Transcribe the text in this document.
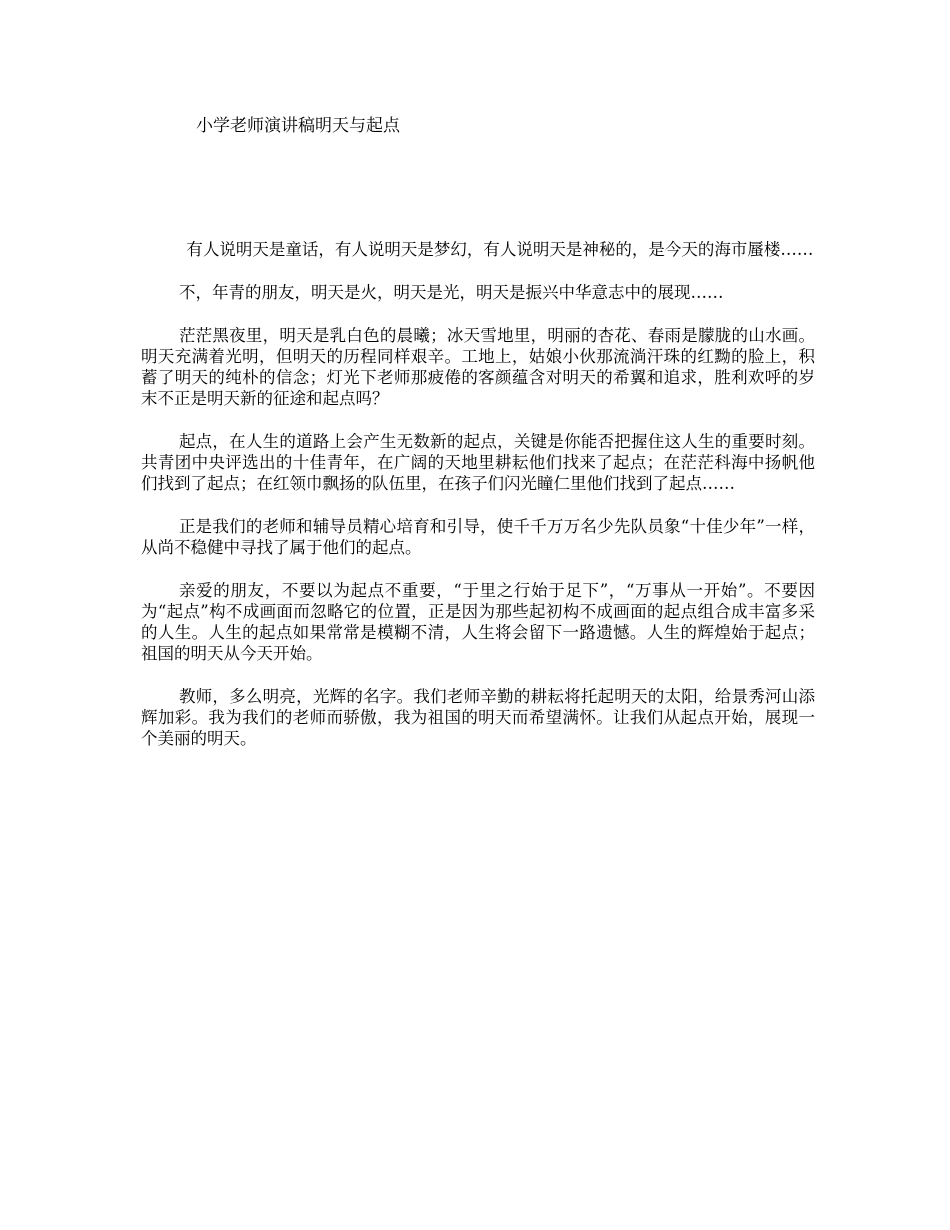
小学老师演讲稿明天与起点

有人说明天是童话，有人说明天是梦幻，有人说明天是神秘的，是今天的海市蜃楼……

不，年青的朋友，明天是火，明天是光，明天是振兴中华意志中的展现……

茫茫黑夜里，明天是乳白色的晨曦；冰天雪地里，明丽的杏花、春雨是朦胧的山水画。明天充满着光明，但明天的历程同样艰辛。工地上，姑娘小伙那流淌汗珠的红黝的脸上，积蓄了明天的纯朴的信念；灯光下老师那疲倦的客颜蕴含对明天的希翼和追求，胜利欢呼的岁末不正是明天新的征途和起点吗？

起点，在人生的道路上会产生无数新的起点，关键是你能否把握住这人生的重要时刻。共青团中央评选出的十佳青年，在广阔的天地里耕耘他们找来了起点；在茫茫科海中扬帆他们找到了起点；在红领巾飘扬的队伍里，在孩子们闪光瞳仁里他们找到了起点……

正是我们的老师和辅导员精心培育和引导，使千千万万名少先队员象“十佳少年”一样，从尚不稳健中寻找了属于他们的起点。

亲爱的朋友，不要以为起点不重要，“于里之行始于足下”，“万事从一开始”。不要因为“起点”构不成画面而忽略它的位置，正是因为那些起初构不成画面的起点组合成丰富多采的人生。人生的起点如果常常是模糊不清，人生将会留下一路遗憾。人生的辉煌始于起点；祖国的明天从今天开始。

教师，多么明亮，光辉的名字。我们老师辛勤的耕耘将托起明天的太阳，给景秀河山添辉加彩。我为我们的老师而骄傲，我为祖国的明天而希望满怀。让我们从起点开始，展现一个美丽的明天。
